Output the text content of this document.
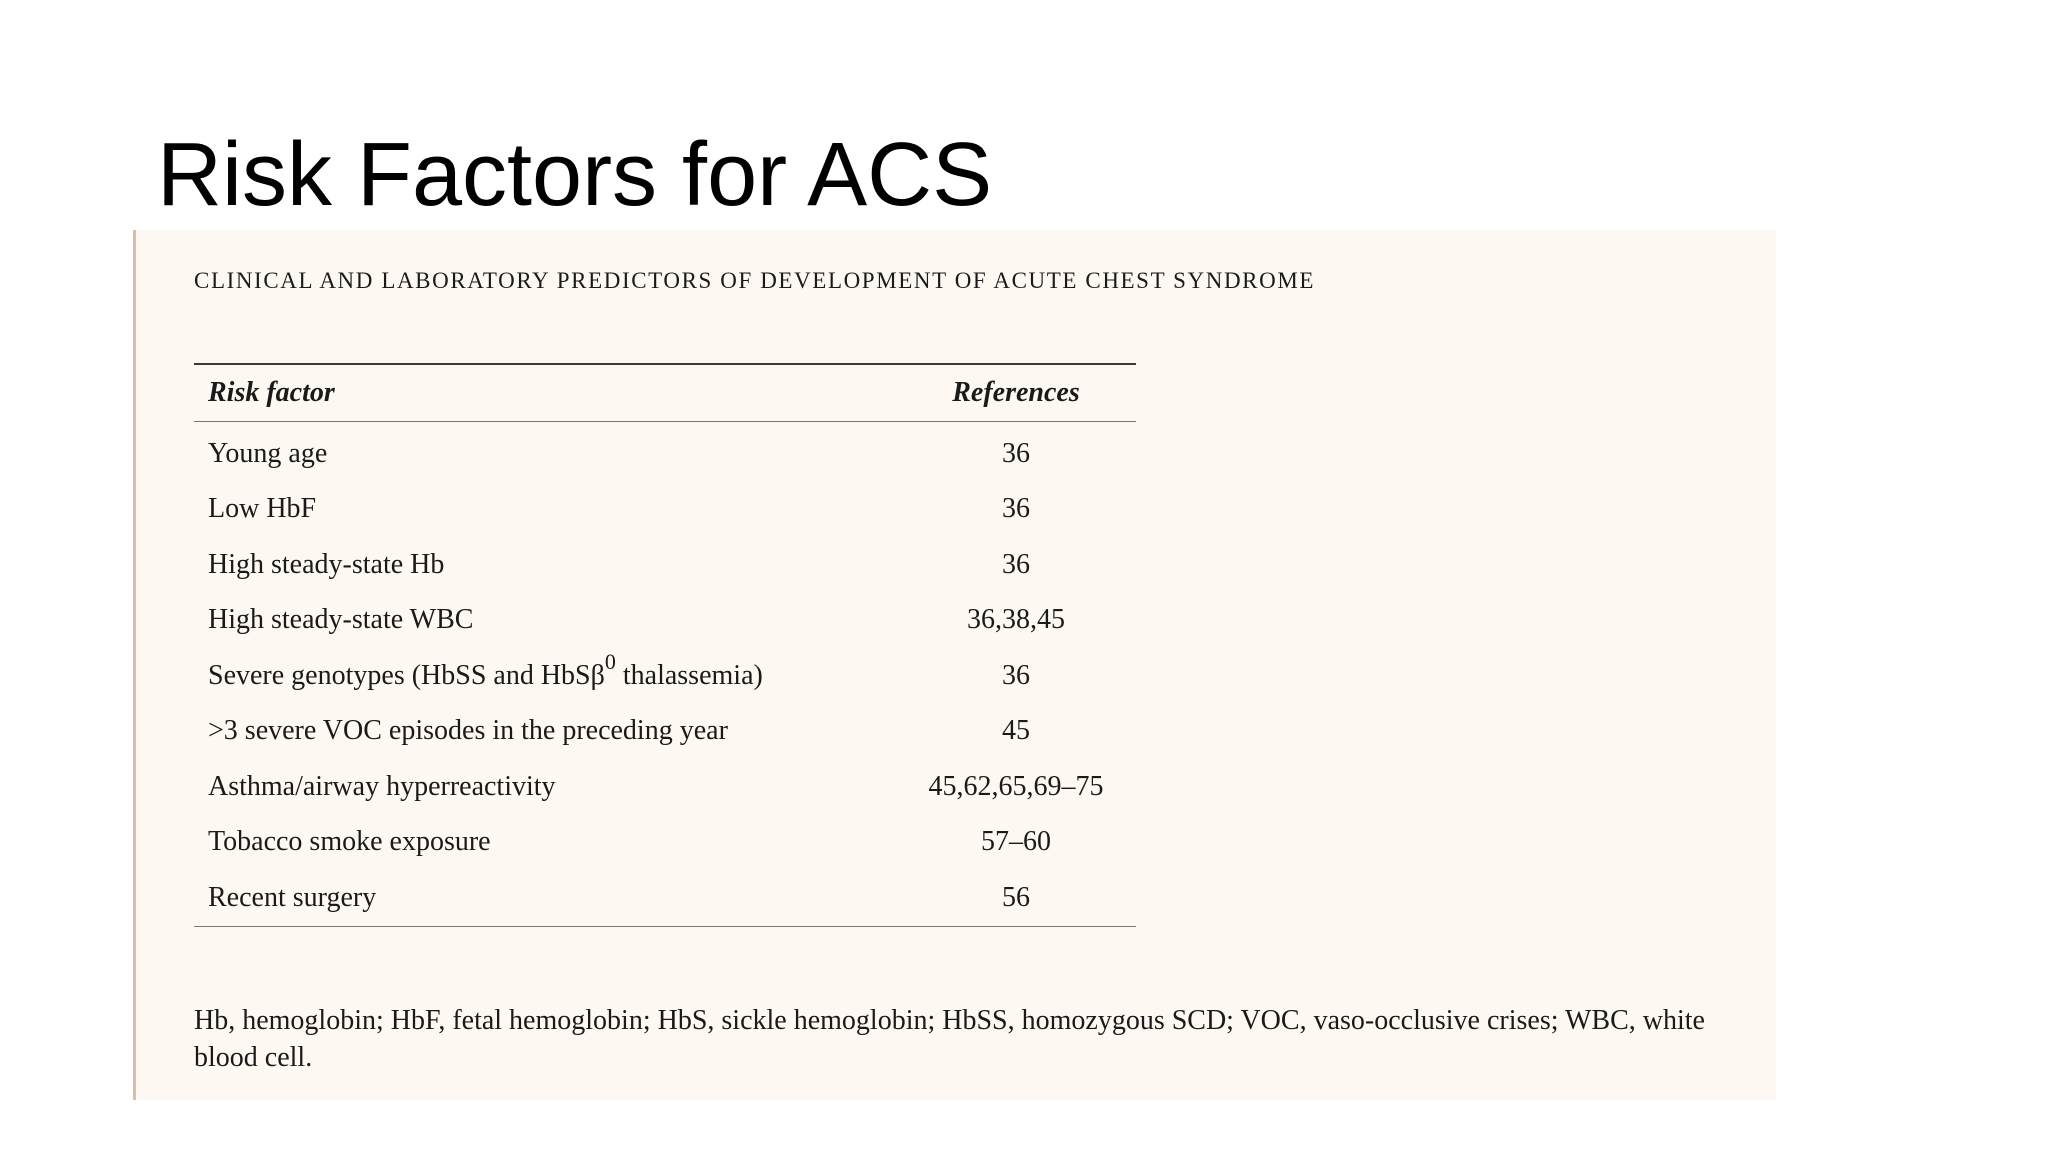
Risk Factors for ACS
CLINICAL AND LABORATORY PREDICTORS OF DEVELOPMENT OF ACUTE CHEST SYNDROME
Risk factor	References
Young age	36
Low HbF	36
High steady-state Hb	36
High steady-state WBC	36,38,45
Severe genotypes (HbSS and HbSβ$^0$ thalassemia)	36
>3 severe VOC episodes in the preceding year	45
Asthma/airway hyperreactivity	45,62,65,69–75
Tobacco smoke exposure	57–60
Recent surgery	56

Hb, hemoglobin; HbF, fetal hemoglobin; HbS, sickle hemoglobin; HbSS, homozygous SCD; VOC, vaso-occlusive crises; WBC, white blood cell.
